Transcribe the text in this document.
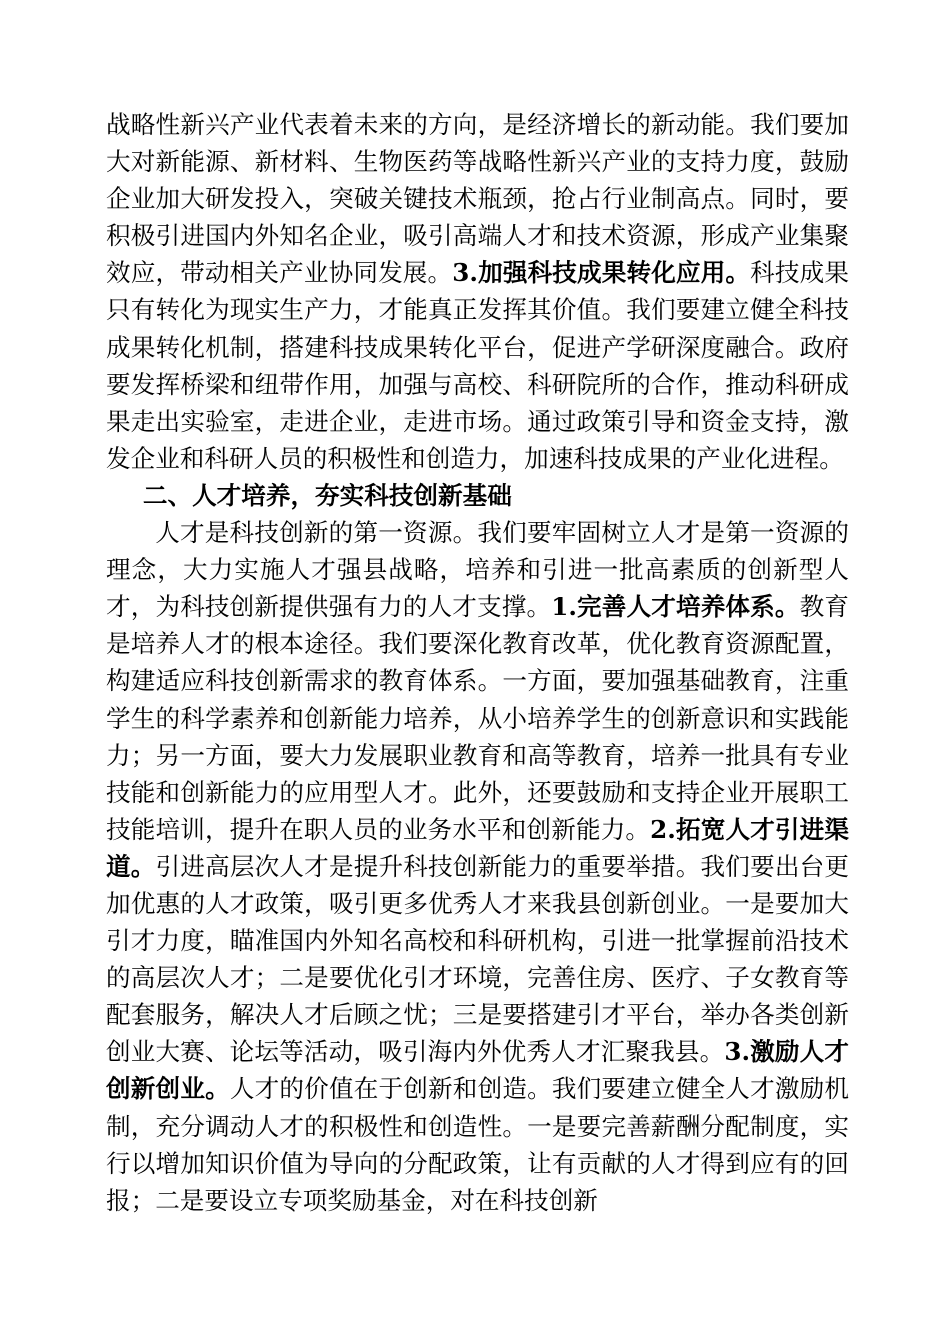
战略性新兴产业代表着未来的方向，是经济增长的新动能。我们要加大对新能源、新材料、生物医药等战略性新兴产业的支持力度，鼓励企业加大研发投入，突破关键技术瓶颈，抢占行业制高点。同时，要积极引进国内外知名企业，吸引高端人才和技术资源，形成产业集聚效应，带动相关产业协同发展。3.加强科技成果转化应用。科技成果只有转化为现实生产力，才能真正发挥其价值。我们要建立健全科技成果转化机制，搭建科技成果转化平台，促进产学研深度融合。政府要发挥桥梁和纽带作用，加强与高校、科研院所的合作，推动科研成果走出实验室，走进企业，走进市场。通过政策引导和资金支持，激发企业和科研人员的积极性和创造力，加速科技成果的产业化进程。

二、人才培养，夯实科技创新基础

人才是科技创新的第一资源。我们要牢固树立人才是第一资源的理念，大力实施人才强县战略，培养和引进一批高素质的创新型人才，为科技创新提供强有力的人才支撑。1.完善人才培养体系。教育是培养人才的根本途径。我们要深化教育改革，优化教育资源配置，构建适应科技创新需求的教育体系。一方面，要加强基础教育，注重学生的科学素养和创新能力培养，从小培养学生的创新意识和实践能力；另一方面，要大力发展职业教育和高等教育，培养一批具有专业技能和创新能力的应用型人才。此外，还要鼓励和支持企业开展职工技能培训，提升在职人员的业务水平和创新能力。2.拓宽人才引进渠道。引进高层次人才是提升科技创新能力的重要举措。我们要出台更加优惠的人才政策，吸引更多优秀人才来我县创新创业。一是要加大引才力度，瞄准国内外知名高校和科研机构，引进一批掌握前沿技术的高层次人才；二是要优化引才环境，完善住房、医疗、子女教育等配套服务，解决人才后顾之忧；三是要搭建引才平台，举办各类创新创业大赛、论坛等活动，吸引海内外优秀人才汇聚我县。3.激励人才创新创业。人才的价值在于创新和创造。我们要建立健全人才激励机制，充分调动人才的积极性和创造性。一是要完善薪酬分配制度，实行以增加知识价值为导向的分配政策，让有贡献的人才得到应有的回报；二是要设立专项奖励基金，对在科技创新
